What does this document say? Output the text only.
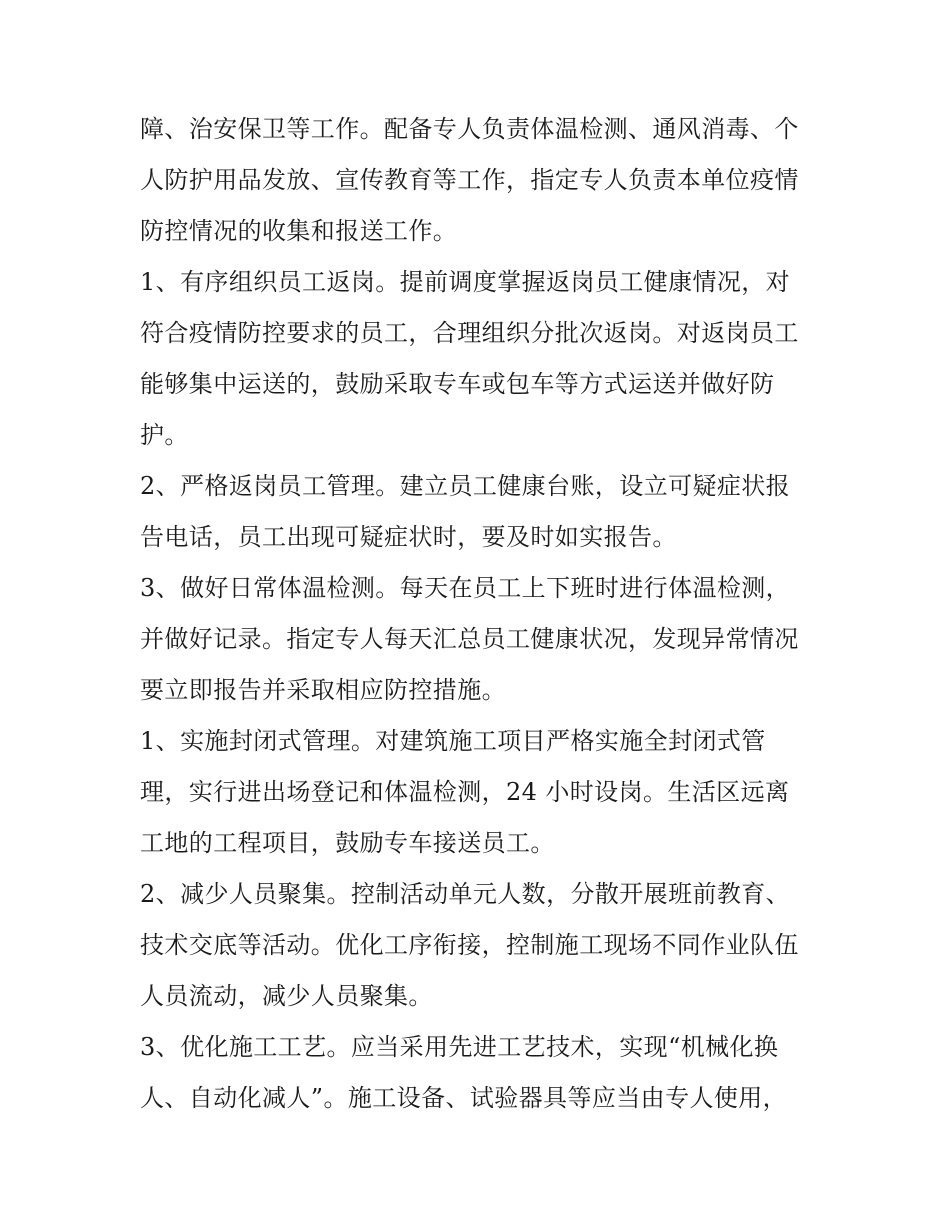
障、治安保卫等工作。配备专人负责体温检测、通风消毒、个
人防护用品发放、宣传教育等工作，指定专人负责本单位疫情
防控情况的收集和报送工作。
1、有序组织员工返岗。提前调度掌握返岗员工健康情况，对
符合疫情防控要求的员工，合理组织分批次返岗。对返岗员工
能够集中运送的，鼓励采取专车或包车等方式运送并做好防
护。
2、严格返岗员工管理。建立员工健康台账，设立可疑症状报
告电话，员工出现可疑症状时，要及时如实报告。
3、做好日常体温检测。每天在员工上下班时进行体温检测，
并做好记录。指定专人每天汇总员工健康状况，发现异常情况
要立即报告并采取相应防控措施。
1、实施封闭式管理。对建筑施工项目严格实施全封闭式管
理，实行进出场登记和体温检测，24 小时设岗。生活区远离
工地的工程项目，鼓励专车接送员工。
2、减少人员聚集。控制活动单元人数，分散开展班前教育、
技术交底等活动。优化工序衔接，控制施工现场不同作业队伍
人员流动，减少人员聚集。
3、优化施工工艺。应当采用先进工艺技术，实现“机械化换
人、自动化减人”。施工设备、试验器具等应当由专人使用，
